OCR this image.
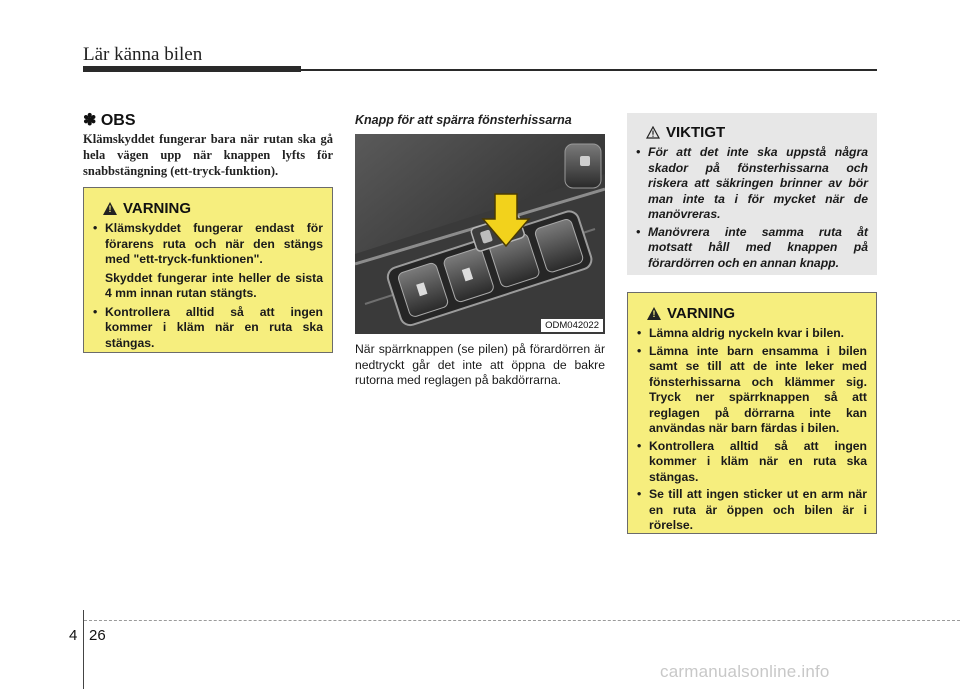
Lär känna bilen
✽ OBS
Klämskyddet fungerar bara när rutan ska gå hela vägen upp när knappen lyfts för snabbstängning (ett-tryck-funktion).
! VARNING
• Klämskyddet fungerar endast för förarens ruta och när den stängs med "ett-tryck-funktionen".
Skyddet fungerar inte heller de sista 4 mm innan rutan stängts.
• Kontrollera alltid så att ingen kommer i kläm när en ruta ska stängas.
Knapp för att spärra fönsterhissarna
ODM042022
När spärrknappen (se pilen) på förardörren är nedtryckt går det inte att öppna de bakre rutorna med reglagen på bakdörrarna.
VIKTIGT
• För att det inte ska uppstå några skador på fönsterhissarna och riskera att säkringen brinner av bör man inte ta i för mycket när de manövreras.
• Manövrera inte samma ruta åt motsatt håll med knappen på förardörren och en annan knapp.
! VARNING
• Lämna aldrig nyckeln kvar i bilen.
• Lämna inte barn ensamma i bilen samt se till att de inte leker med fönsterhissarna och klämmer sig. Tryck ner spärrknappen så att reglagen på dörrarna inte kan användas när barn färdas i bilen.
• Kontrollera alltid så att ingen kommer i kläm när en ruta ska stängas.
• Se till att ingen sticker ut en arm när en ruta är öppen och bilen är i rörelse.
4 26
carmanualsonline.info
